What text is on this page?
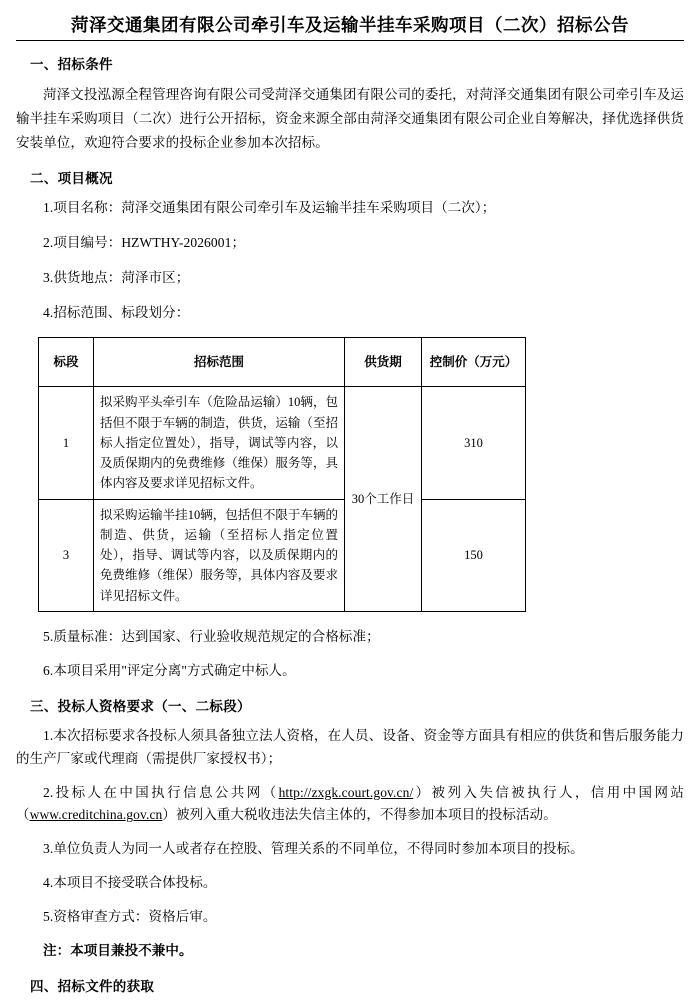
菏泽交通集团有限公司牵引车及运输半挂车采购项目（二次）招标公告
一、招标条件

菏泽文投泓源全程管理咨询有限公司受菏泽交通集团有限公司的委托，对菏泽交通集团有限公司牵引车及运输半挂车采购项目（二次）进行公开招标，资金来源全部由菏泽交通集团有限公司企业自筹解决，择优选择供货安装单位，欢迎符合要求的投标企业参加本次招标。

二、项目概况

1.项目名称：菏泽交通集团有限公司牵引车及运输半挂车采购项目（二次）；

2.项目编号：HZWTHY-2026001；

3.供货地点：菏泽市区；

4.招标范围、标段划分：

标段	招标范围	供货期	控制价（万元）
1	拟采购平头牵引车（危险品运输）10辆，包括但不限于车辆的制造，供货，运输（至招标人指定位置处），指导，调试等内容，以及质保期内的免费维修（维保）服务等，具体内容及要求详见招标文件。	30个工作日	310
3	拟采购运输半挂10辆，包括但不限于车辆的制造、供货，运输（至招标人指定位置处），指导、调试等内容，以及质保期内的免费维修（维保）服务等，具体内容及要求详见招标文件。		150

5.质量标准：达到国家、行业验收规范规定的合格标准；

6.本项目采用"评定分离"方式确定中标人。

三、投标人资格要求（一、二标段）

1.本次招标要求各投标人须具备独立法人资格，在人员、设备、资金等方面具有相应的供货和售后服务能力的生产厂家或代理商（需提供厂家授权书）；

2.投标人在中国执行信息公共网（http://zxgk.court.gov.cn/）被列入失信被执行人，信用中国网站（www.creditchina.gov.cn）被列入重大税收违法失信主体的，不得参加本项目的投标活动。

3.单位负责人为同一人或者存在控股、管理关系的不同单位，不得同时参加本项目的投标。

4.本项目不接受联合体投标。

5.资格审查方式：资格后审。

注：本项目兼投不兼中。

四、招标文件的获取
